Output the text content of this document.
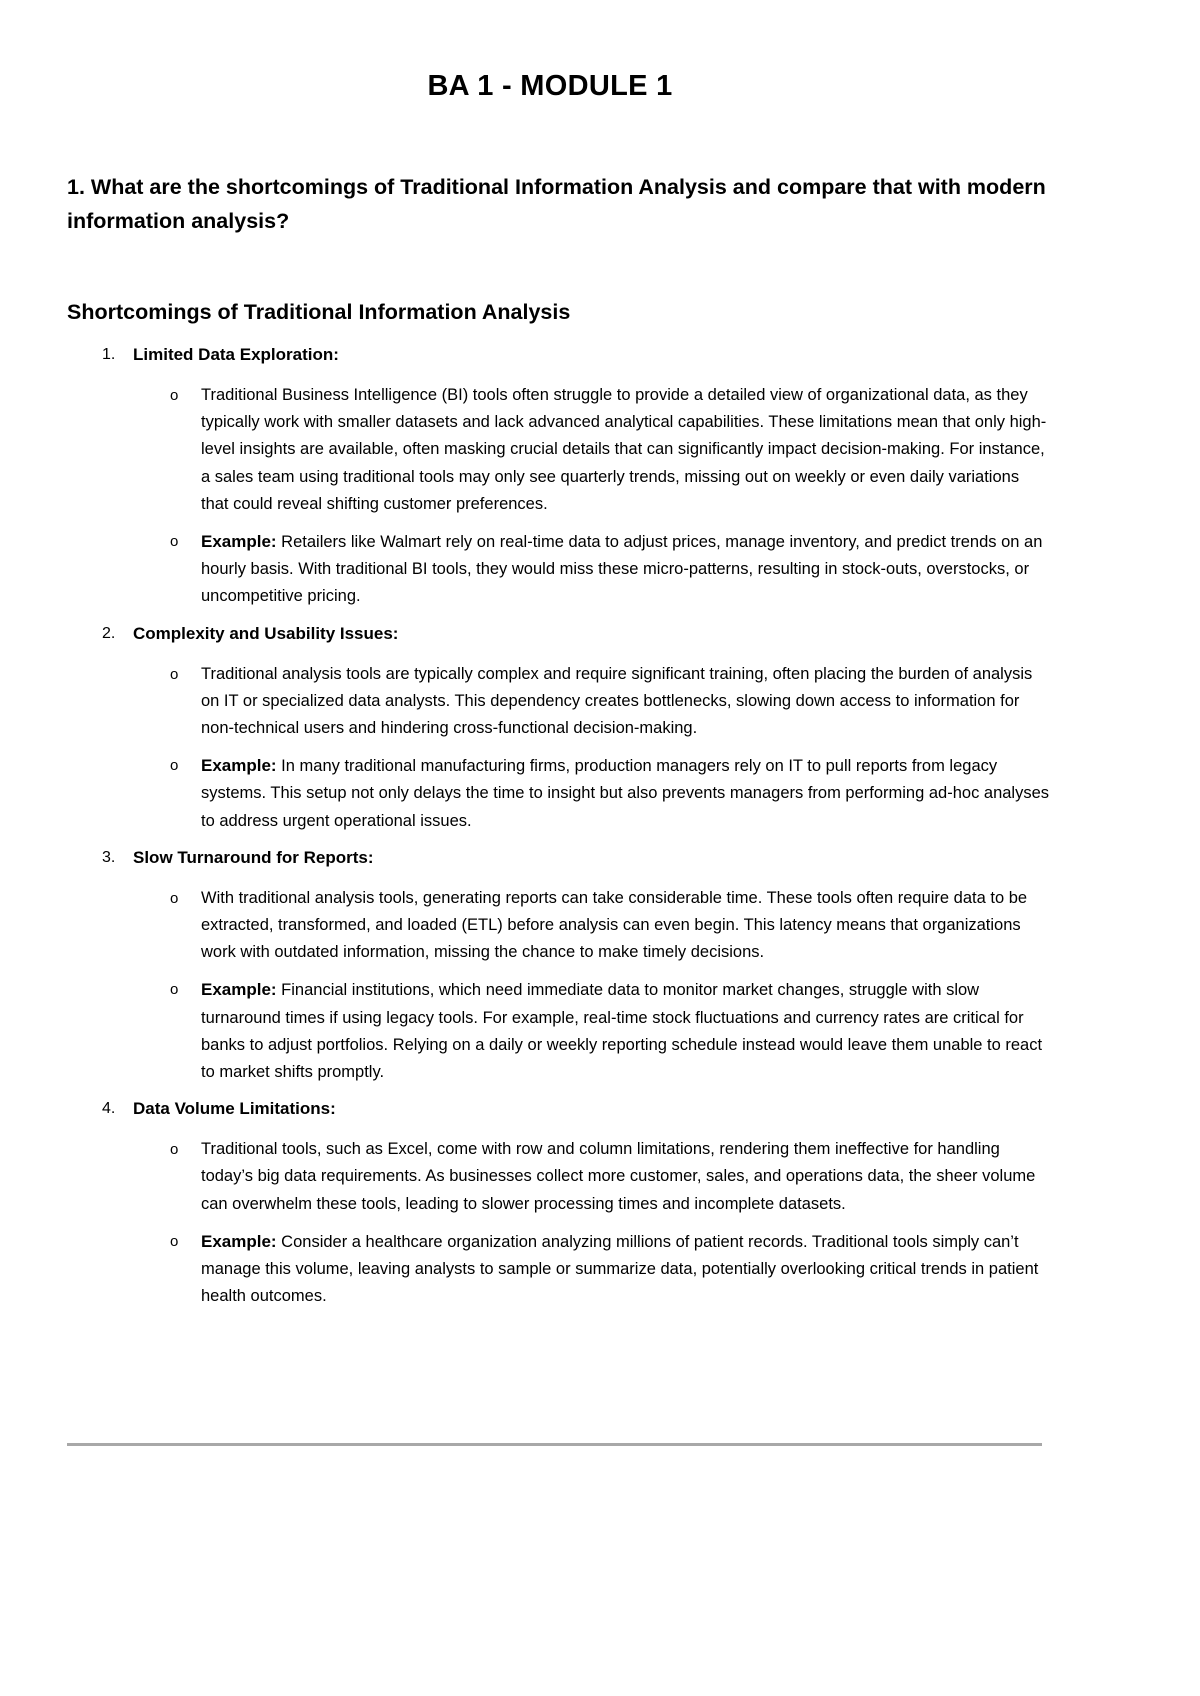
BA 1 - MODULE 1

1. What are the shortcomings of Traditional Information Analysis and compare that with modern information analysis?

Shortcomings of Traditional Information Analysis
1.	Limited Data Exploration:
o Traditional Business Intelligence (BI) tools often struggle to provide a detailed view of organizational data, as they typically work with smaller datasets and lack advanced analytical capabilities. These limitations mean that only high-level insights are available, often masking crucial details that can significantly impact decision-making. For instance, a sales team using traditional tools may only see quarterly trends, missing out on weekly or even daily variations that could reveal shifting customer preferences.
o Example: Retailers like Walmart rely on real-time data to adjust prices, manage inventory, and predict trends on an hourly basis. With traditional BI tools, they would miss these micro-patterns, resulting in stock-outs, overstocks, or uncompetitive pricing.
2.	Complexity and Usability Issues:
o Traditional analysis tools are typically complex and require significant training, often placing the burden of analysis on IT or specialized data analysts. This dependency creates bottlenecks, slowing down access to information for non-technical users and hindering cross-functional decision-making.
o Example: In many traditional manufacturing firms, production managers rely on IT to pull reports from legacy systems. This setup not only delays the time to insight but also prevents managers from performing ad-hoc analyses to address urgent operational issues.
3.	Slow Turnaround for Reports:
o With traditional analysis tools, generating reports can take considerable time. These tools often require data to be extracted, transformed, and loaded (ETL) before analysis can even begin. This latency means that organizations work with outdated information, missing the chance to make timely decisions.
o Example: Financial institutions, which need immediate data to monitor market changes, struggle with slow turnaround times if using legacy tools. For example, real-time stock fluctuations and currency rates are critical for banks to adjust portfolios. Relying on a daily or weekly reporting schedule instead would leave them unable to react to market shifts promptly.
4.	Data Volume Limitations:
o Traditional tools, such as Excel, come with row and column limitations, rendering them ineffective for handling today’s big data requirements. As businesses collect more customer, sales, and operations data, the sheer volume can overwhelm these tools, leading to slower processing times and incomplete datasets.
o Example: Consider a healthcare organization analyzing millions of patient records. Traditional tools simply can’t manage this volume, leaving analysts to sample or summarize data, potentially overlooking critical trends in patient health outcomes.
